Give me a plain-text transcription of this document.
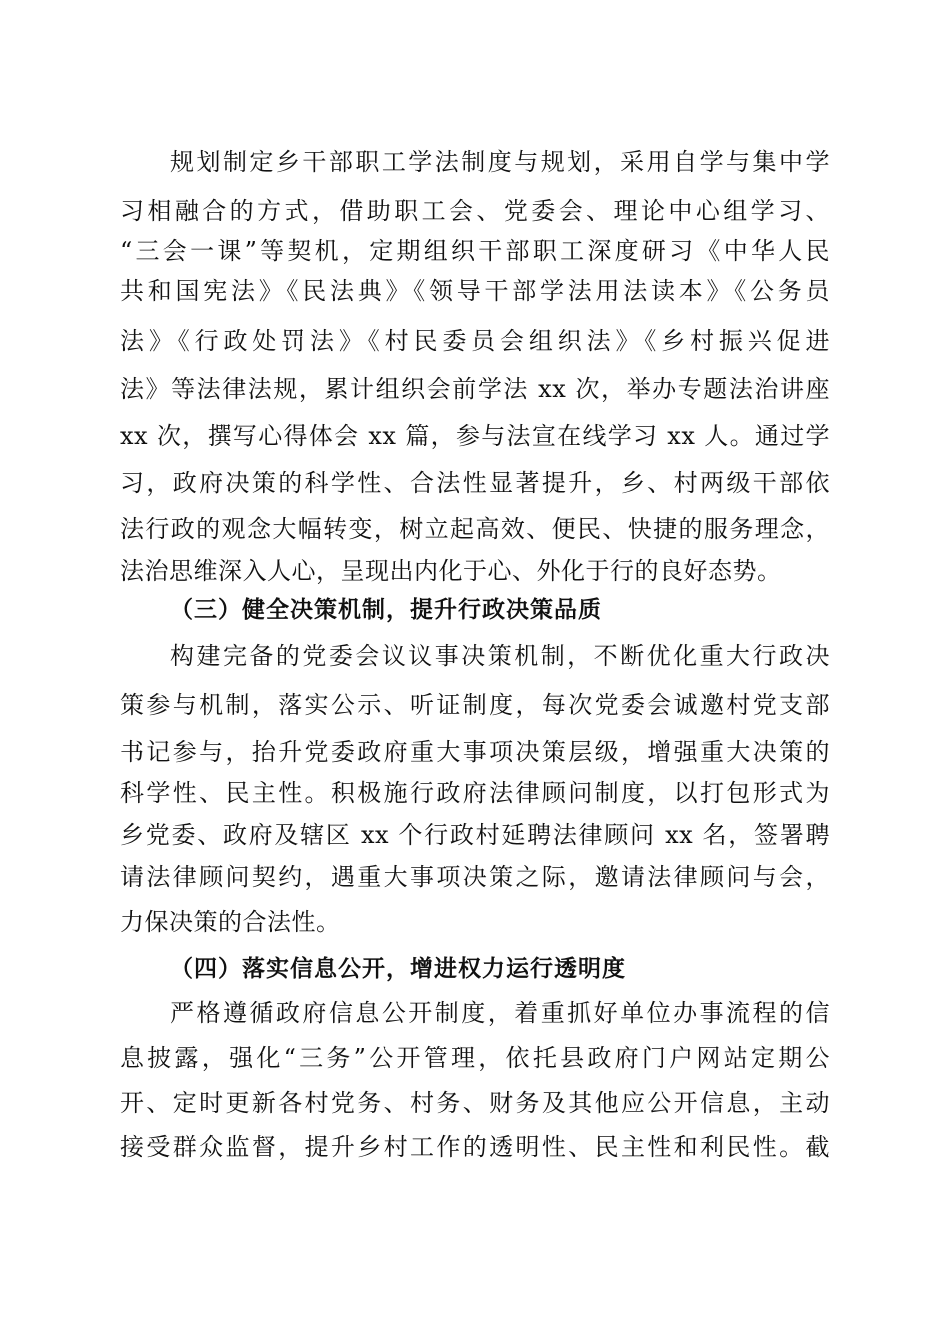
规划制定乡干部职工学法制度与规划，采用自学与集中学
习相融合的方式，借助职工会、党委会、理论中心组学习、
“三会一课”等契机，定期组织干部职工深度研习《中华人民
共和国宪法》《民法典》《领导干部学法用法读本》《公务员
法》《行政处罚法》《村民委员会组织法》《乡村振兴促进
法》等法律法规，累计组织会前学法 xx 次，举办专题法治讲座
xx 次，撰写心得体会 xx 篇，参与法宣在线学习 xx 人。通过学
习，政府决策的科学性、合法性显著提升，乡、村两级干部依
法行政的观念大幅转变，树立起高效、便民、快捷的服务理念，
法治思维深入人心，呈现出内化于心、外化于行的良好态势。
（三）健全决策机制，提升行政决策品质
构建完备的党委会议议事决策机制，不断优化重大行政决
策参与机制，落实公示、听证制度，每次党委会诚邀村党支部
书记参与，抬升党委政府重大事项决策层级，增强重大决策的
科学性、民主性。积极施行政府法律顾问制度，以打包形式为
乡党委、政府及辖区 xx 个行政村延聘法律顾问 xx 名，签署聘
请法律顾问契约，遇重大事项决策之际，邀请法律顾问与会，
力保决策的合法性。
（四）落实信息公开，增进权力运行透明度
严格遵循政府信息公开制度，着重抓好单位办事流程的信
息披露，强化“三务”公开管理，依托县政府门户网站定期公
开、定时更新各村党务、村务、财务及其他应公开信息，主动
接受群众监督，提升乡村工作的透明性、民主性和利民性。截
